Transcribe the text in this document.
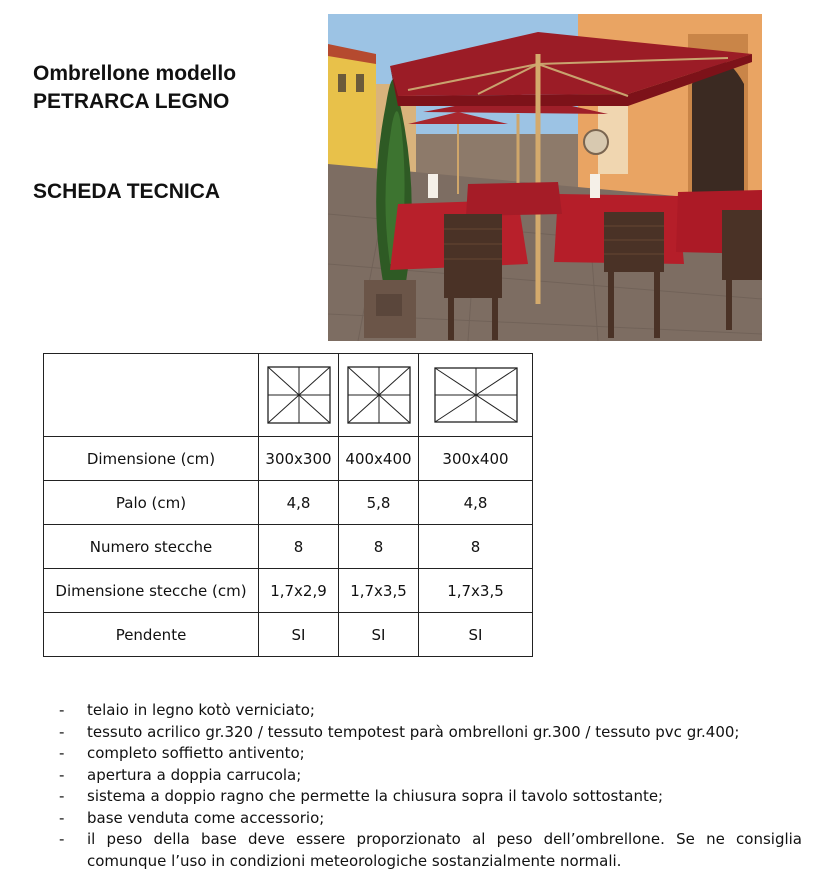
Ombrellone modello
PETRARCA LEGNO
SCHEDA TECNICA

Dimensione (cm)	300x300	400x400	300x400
Palo (cm)	4,8	5,8	4,8
Numero stecche	8	8	8
Dimensione stecche (cm)	1,7x2,9	1,7x3,5	1,7x3,5
Pendente	SI	SI	SI
- telaio in legno kotò verniciato;
- tessuto acrilico gr.320 / tessuto tempotest parà ombrelloni gr.300 / tessuto pvc gr.400;
- completo soffietto antivento;
- apertura a doppia carrucola;
- sistema a doppio ragno che permette la chiusura sopra il tavolo sottostante;
- base venduta come accessorio;
- il peso della base deve essere proporzionato al peso dell’ombrellone. Se ne consiglia comunque l’uso in condizioni meteorologiche sostanzialmente normali.
